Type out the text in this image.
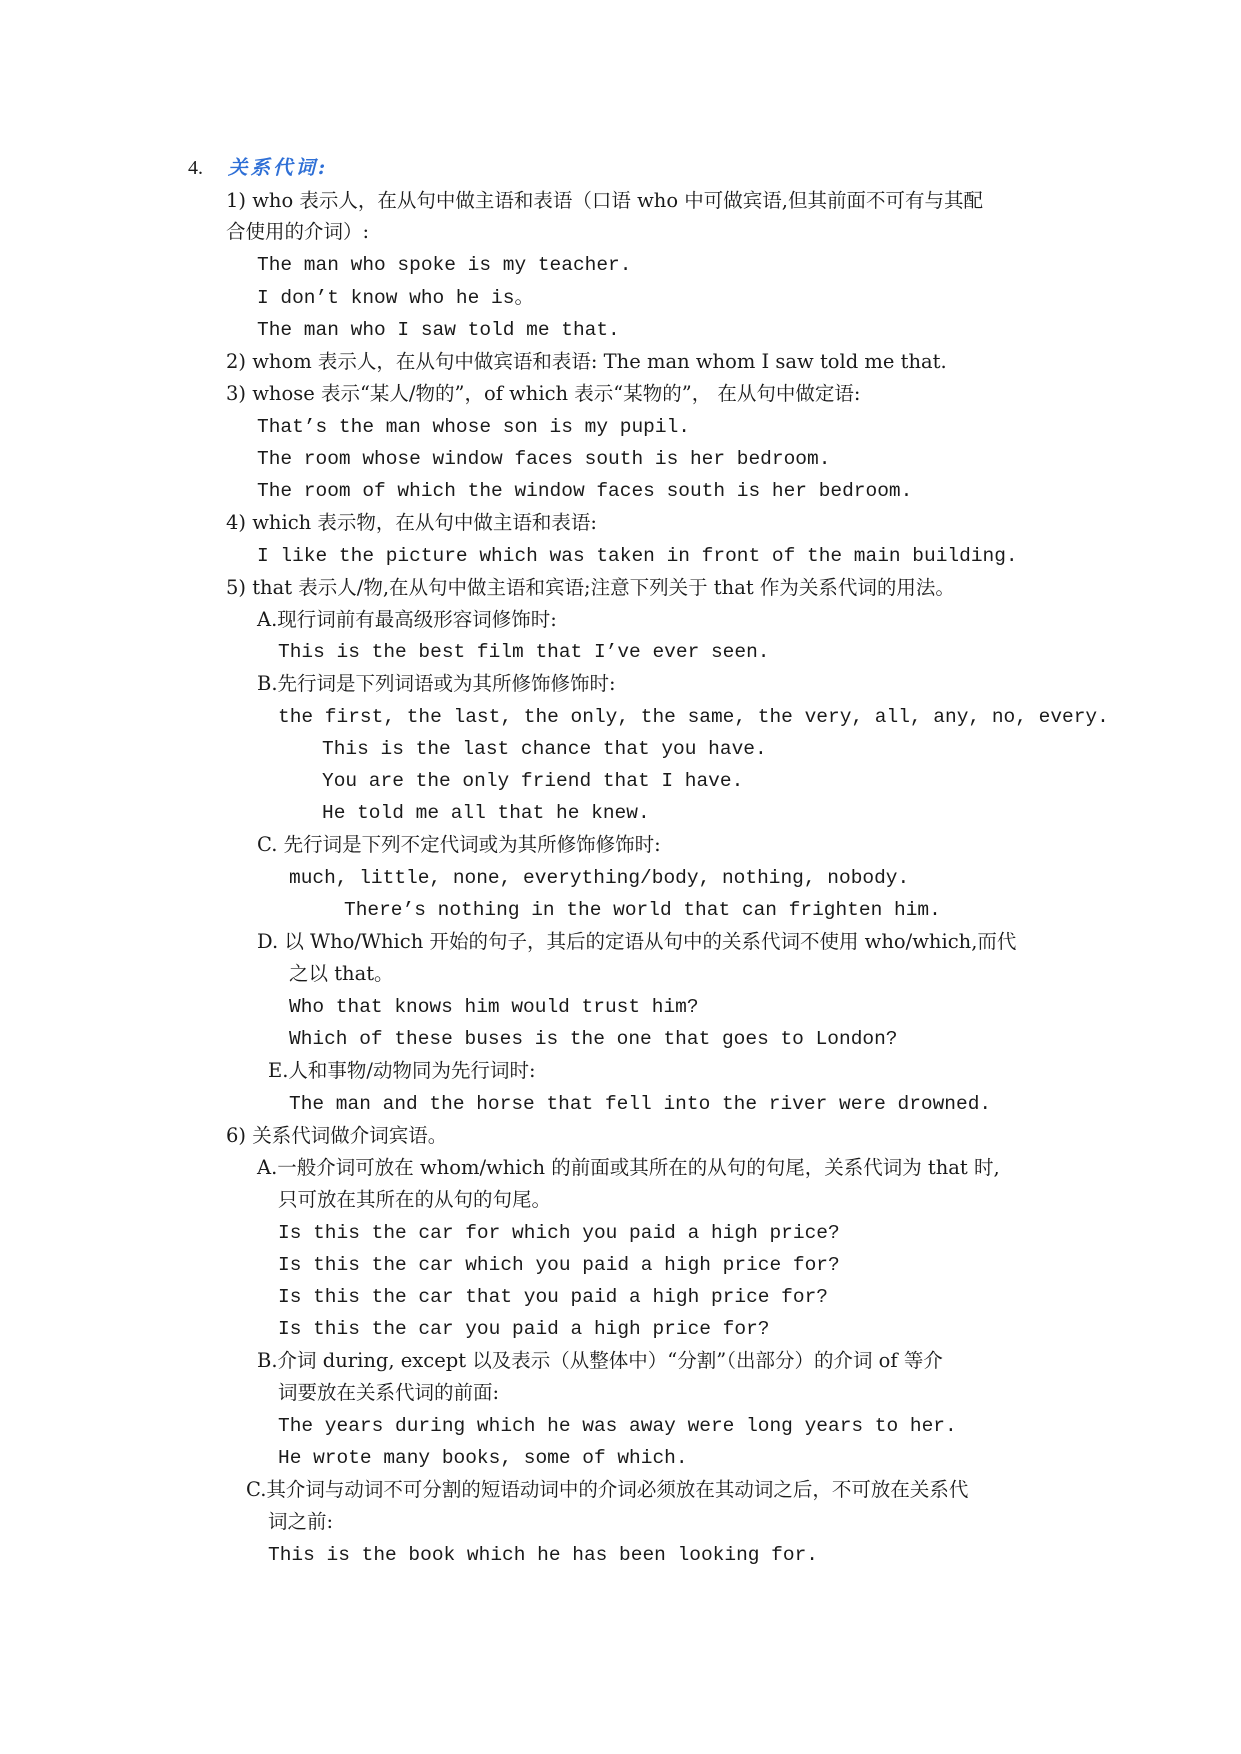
4. 关系代词:
1) who 表示人，在从句中做主语和表语（口语 who 中可做宾语,但其前面不可有与其配
合使用的介词）:
The man who spoke is my teacher.
I don’t know who he is。
The man who I saw told me that.
2) whom 表示人，在从句中做宾语和表语: The man whom I saw told me that.
3) whose 表示“某人/物的”，of which 表示“某物的”， 在从句中做定语:
That’s the man whose son is my pupil.
The room whose window faces south is her bedroom.
The room of which the window faces south is her bedroom.
4) which 表示物，在从句中做主语和表语:
I like the picture which was taken in front of the main building.
5) that 表示人/物,在从句中做主语和宾语;注意下列关于 that 作为关系代词的用法。
A.现行词前有最高级形容词修饰时:
This is the best film that I’ve ever seen.
B.先行词是下列词语或为其所修饰修饰时:
the first, the last, the only, the same, the very, all, any, no, every.
This is the last chance that you have.
You are the only friend that I have.
He told me all that he knew.
C. 先行词是下列不定代词或为其所修饰修饰时:
much, little, none, everything/body, nothing, nobody.
There’s nothing in the world that can frighten him.
D. 以 Who/Which 开始的句子，其后的定语从句中的关系代词不使用 who/which,而代
之以 that。
Who that knows him would trust him?
Which of these buses is the one that goes to London?
E.人和事物/动物同为先行词时:
The man and the horse that fell into the river were drowned.
6) 关系代词做介词宾语。
A.一般介词可放在 whom/which 的前面或其所在的从句的句尾，关系代词为 that 时,
只可放在其所在的从句的句尾。
Is this the car for which you paid a high price?
Is this the car which you paid a high price for?
Is this the car that you paid a high price for?
Is this the car you paid a high price for?
B.介词 during, except 以及表示（从整体中）“分割”（出部分）的介词 of 等介
词要放在关系代词的前面:
The years during which he was away were long years to her.
He wrote many books, some of which.
C.其介词与动词不可分割的短语动词中的介词必须放在其动词之后，不可放在关系代
词之前:
This is the book which he has been looking for.
